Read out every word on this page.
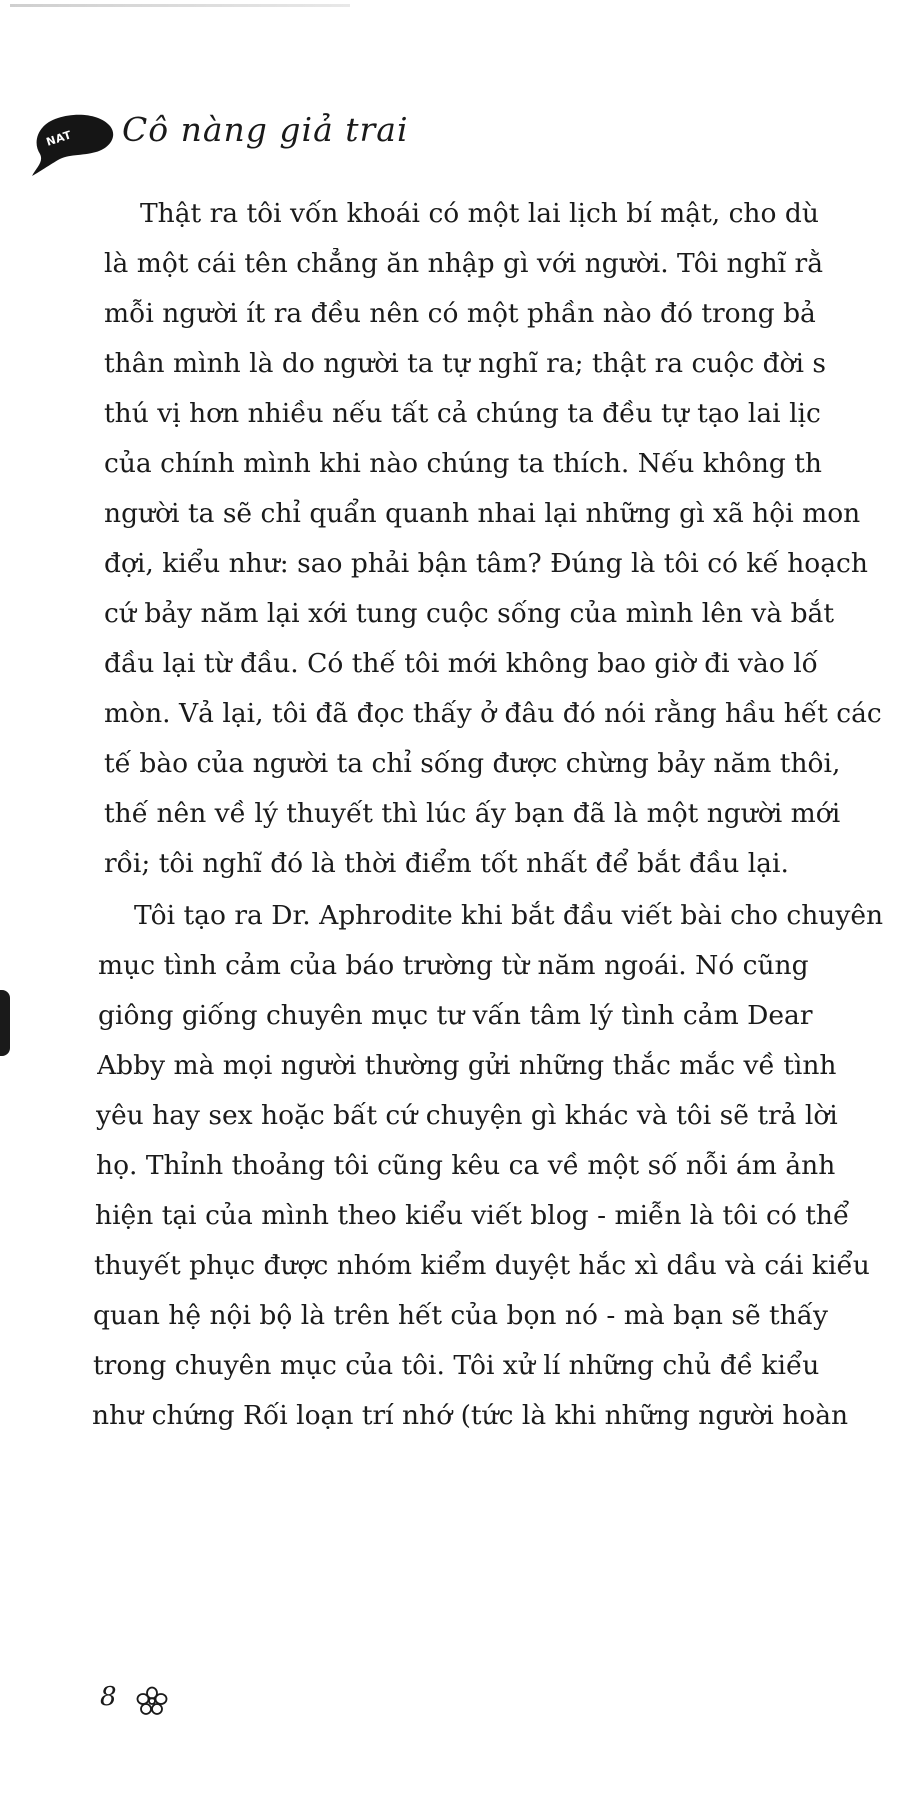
NAT Cô nàng giả trai
Thật ra tôi vốn khoái có một lai lịch bí mật, cho dù
là một cái tên chẳng ăn nhập gì với người. Tôi nghĩ rằ
mỗi người ít ra đều nên có một phần nào đó trong bả
thân mình là do người ta tự nghĩ ra; thật ra cuộc đời s
thú vị hơn nhiều nếu tất cả chúng ta đều tự tạo lai lịc
của chính mình khi nào chúng ta thích. Nếu không th
người ta sẽ chỉ quẩn quanh nhai lại những gì xã hội mon
đợi, kiểu như: sao phải bận tâm? Đúng là tôi có kế hoạch
cứ bảy năm lại xới tung cuộc sống của mình lên và bắt
đầu lại từ đầu. Có thế tôi mới không bao giờ đi vào lố
mòn. Vả lại, tôi đã đọc thấy ở đâu đó nói rằng hầu hết các
tế bào của người ta chỉ sống được chừng bảy năm thôi,
thế nên về lý thuyết thì lúc ấy bạn đã là một người mới
rồi; tôi nghĩ đó là thời điểm tốt nhất để bắt đầu lại.
Tôi tạo ra Dr. Aphrodite khi bắt đầu viết bài cho chuyên
mục tình cảm của báo trường từ năm ngoái. Nó cũng
giông giống chuyên mục tư vấn tâm lý tình cảm Dear
Abby mà mọi người thường gửi những thắc mắc về tình
yêu hay sex hoặc bất cứ chuyện gì khác và tôi sẽ trả lời
họ. Thỉnh thoảng tôi cũng kêu ca về một số nỗi ám ảnh
hiện tại của mình theo kiểu viết blog - miễn là tôi có thể
thuyết phục được nhóm kiểm duyệt hắc xì dầu và cái kiểu
quan hệ nội bộ là trên hết của bọn nó - mà bạn sẽ thấy
trong chuyên mục của tôi. Tôi xử lí những chủ đề kiểu
như chứng Rối loạn trí nhớ (tức là khi những người hoàn
8
